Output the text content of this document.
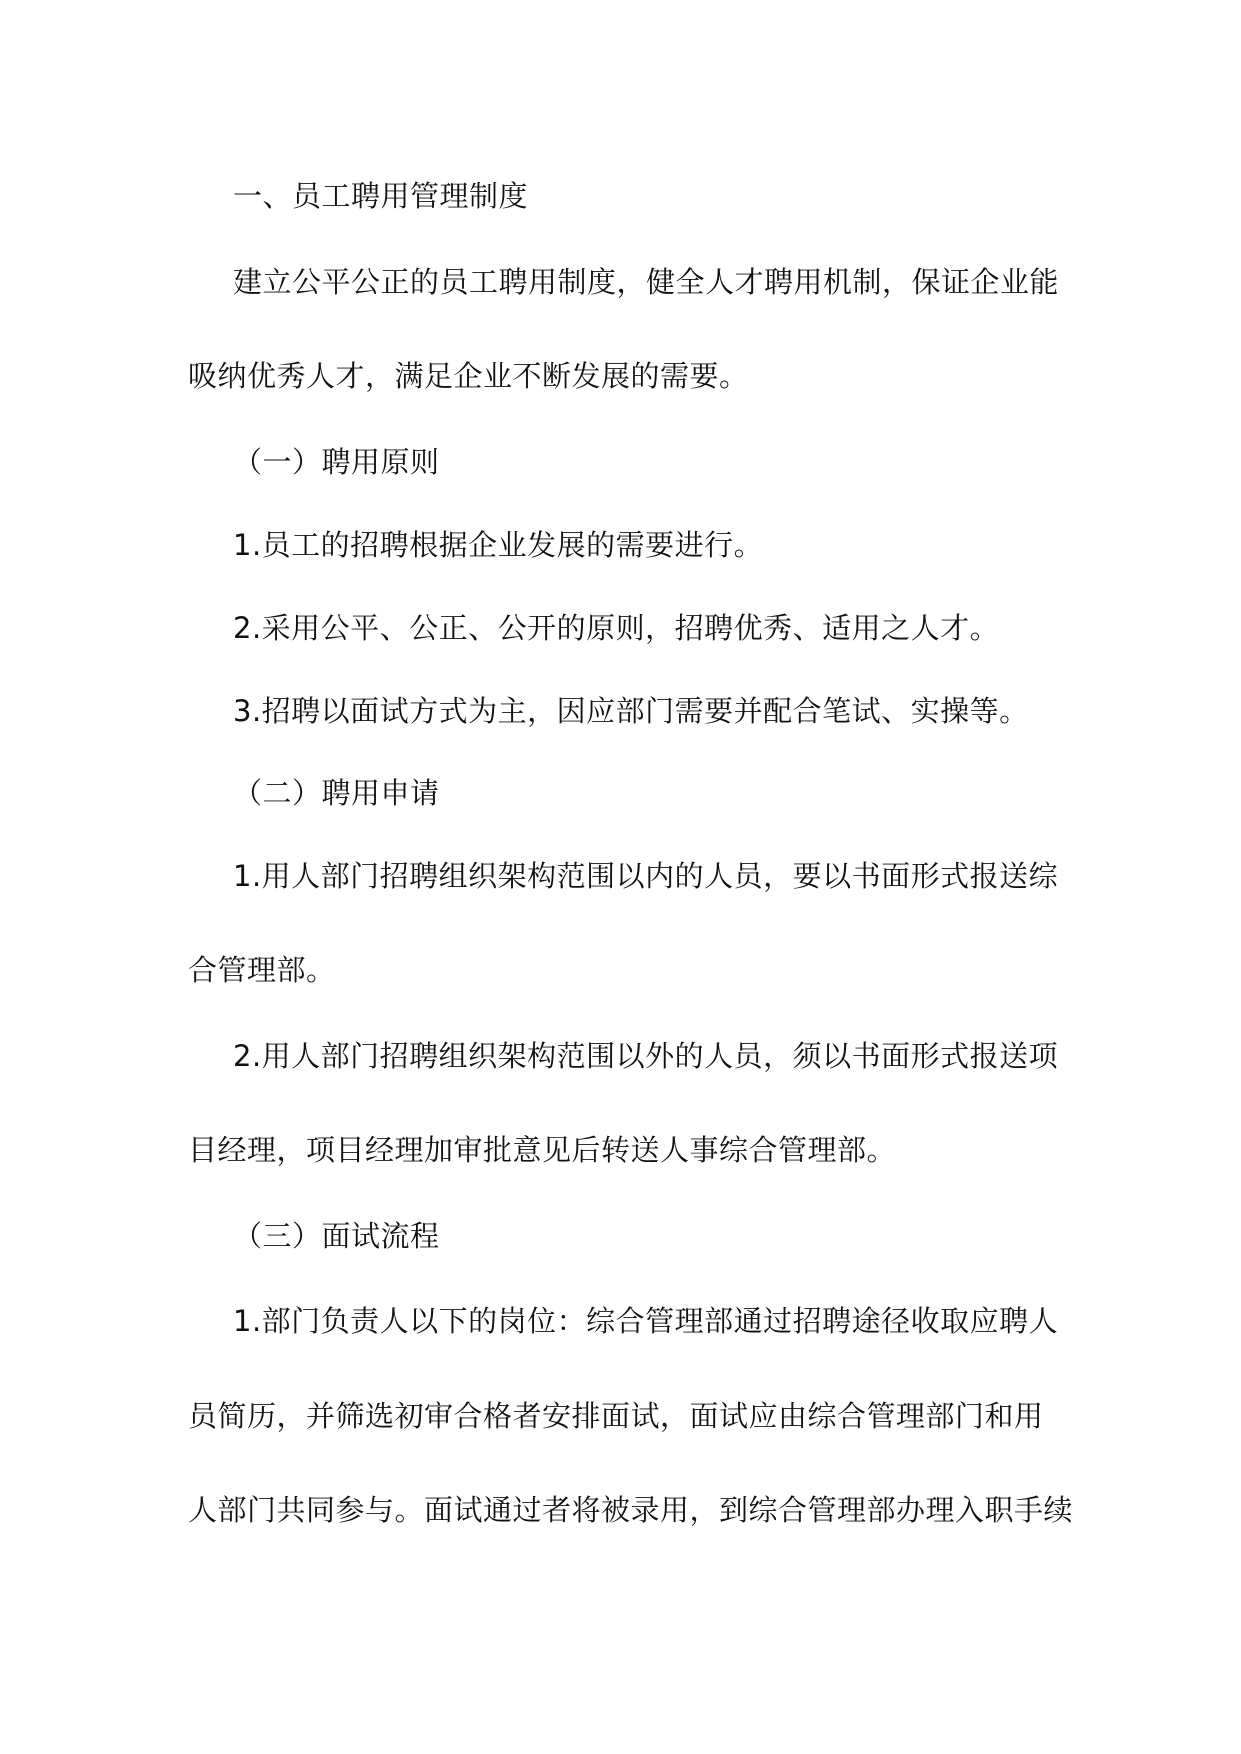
一、员工聘用管理制度
建立公平公正的员工聘用制度，健全人才聘用机制，保证企业能
吸纳优秀人才，满足企业不断发展的需要。
（一）聘用原则
1.员工的招聘根据企业发展的需要进行。
2.采用公平、公正、公开的原则，招聘优秀、适用之人才。
3.招聘以面试方式为主，因应部门需要并配合笔试、实操等。
（二）聘用申请
1.用人部门招聘组织架构范围以内的人员，要以书面形式报送综
合管理部。
2.用人部门招聘组织架构范围以外的人员，须以书面形式报送项
目经理，项目经理加审批意见后转送人事综合管理部。
（三）面试流程
1.部门负责人以下的岗位：综合管理部通过招聘途径收取应聘人
员简历，并筛选初审合格者安排面试，面试应由综合管理部门和用
人部门共同参与。面试通过者将被录用，到综合管理部办理入职手续
